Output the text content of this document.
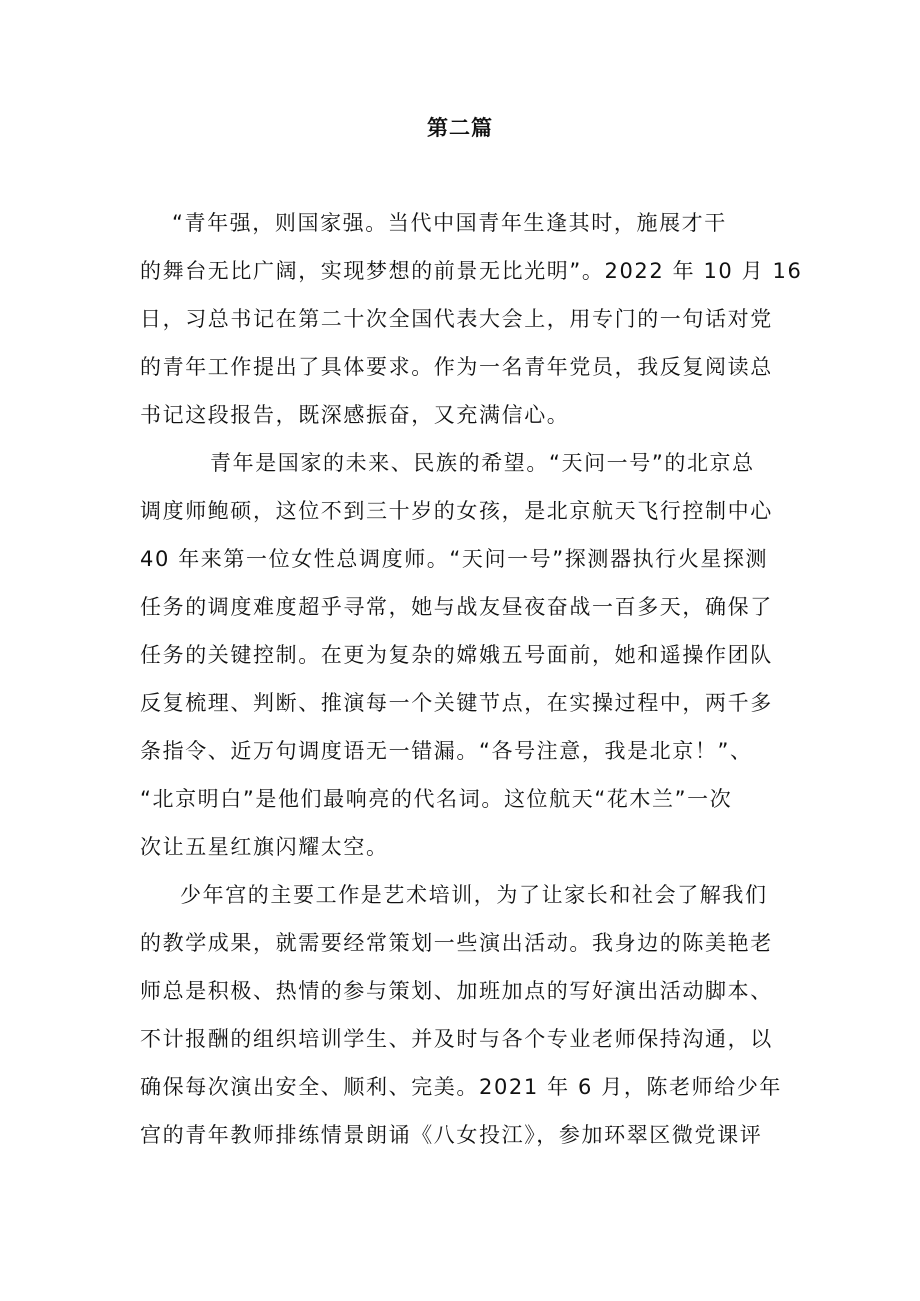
第二篇

“青年强，则国家强。当代中国青年生逢其时，施展才干

的舞台无比广阔，实现梦想的前景无比光明”。2022 年 10 月 16

日，习总书记在第二十次全国代表大会上，用专门的一句话对党

的青年工作提出了具体要求。作为一名青年党员，我反复阅读总

书记这段报告，既深感振奋，又充满信心。

青年是国家的未来、民族的希望。“天问一号”的北京总

调度师鲍硕，这位不到三十岁的女孩，是北京航天飞行控制中心

40 年来第一位女性总调度师。“天问一号”探测器执行火星探测

任务的调度难度超乎寻常，她与战友昼夜奋战一百多天，确保了

任务的关键控制。在更为复杂的嫦娥五号面前，她和遥操作团队

反复梳理、判断、推演每一个关键节点，在实操过程中，两千多

条指令、近万句调度语无一错漏。“各号注意，我是北京！”、

“北京明白”是他们最响亮的代名词。这位航天“花木兰”一次

次让五星红旗闪耀太空。

少年宫的主要工作是艺术培训，为了让家长和社会了解我们

的教学成果，就需要经常策划一些演出活动。我身边的陈美艳老

师总是积极、热情的参与策划、加班加点的写好演出活动脚本、

不计报酬的组织培训学生、并及时与各个专业老师保持沟通，以

确保每次演出安全、顺利、完美。2021 年 6 月，陈老师给少年

宫的青年教师排练情景朗诵《八女投江》，参加环翠区微党课评
